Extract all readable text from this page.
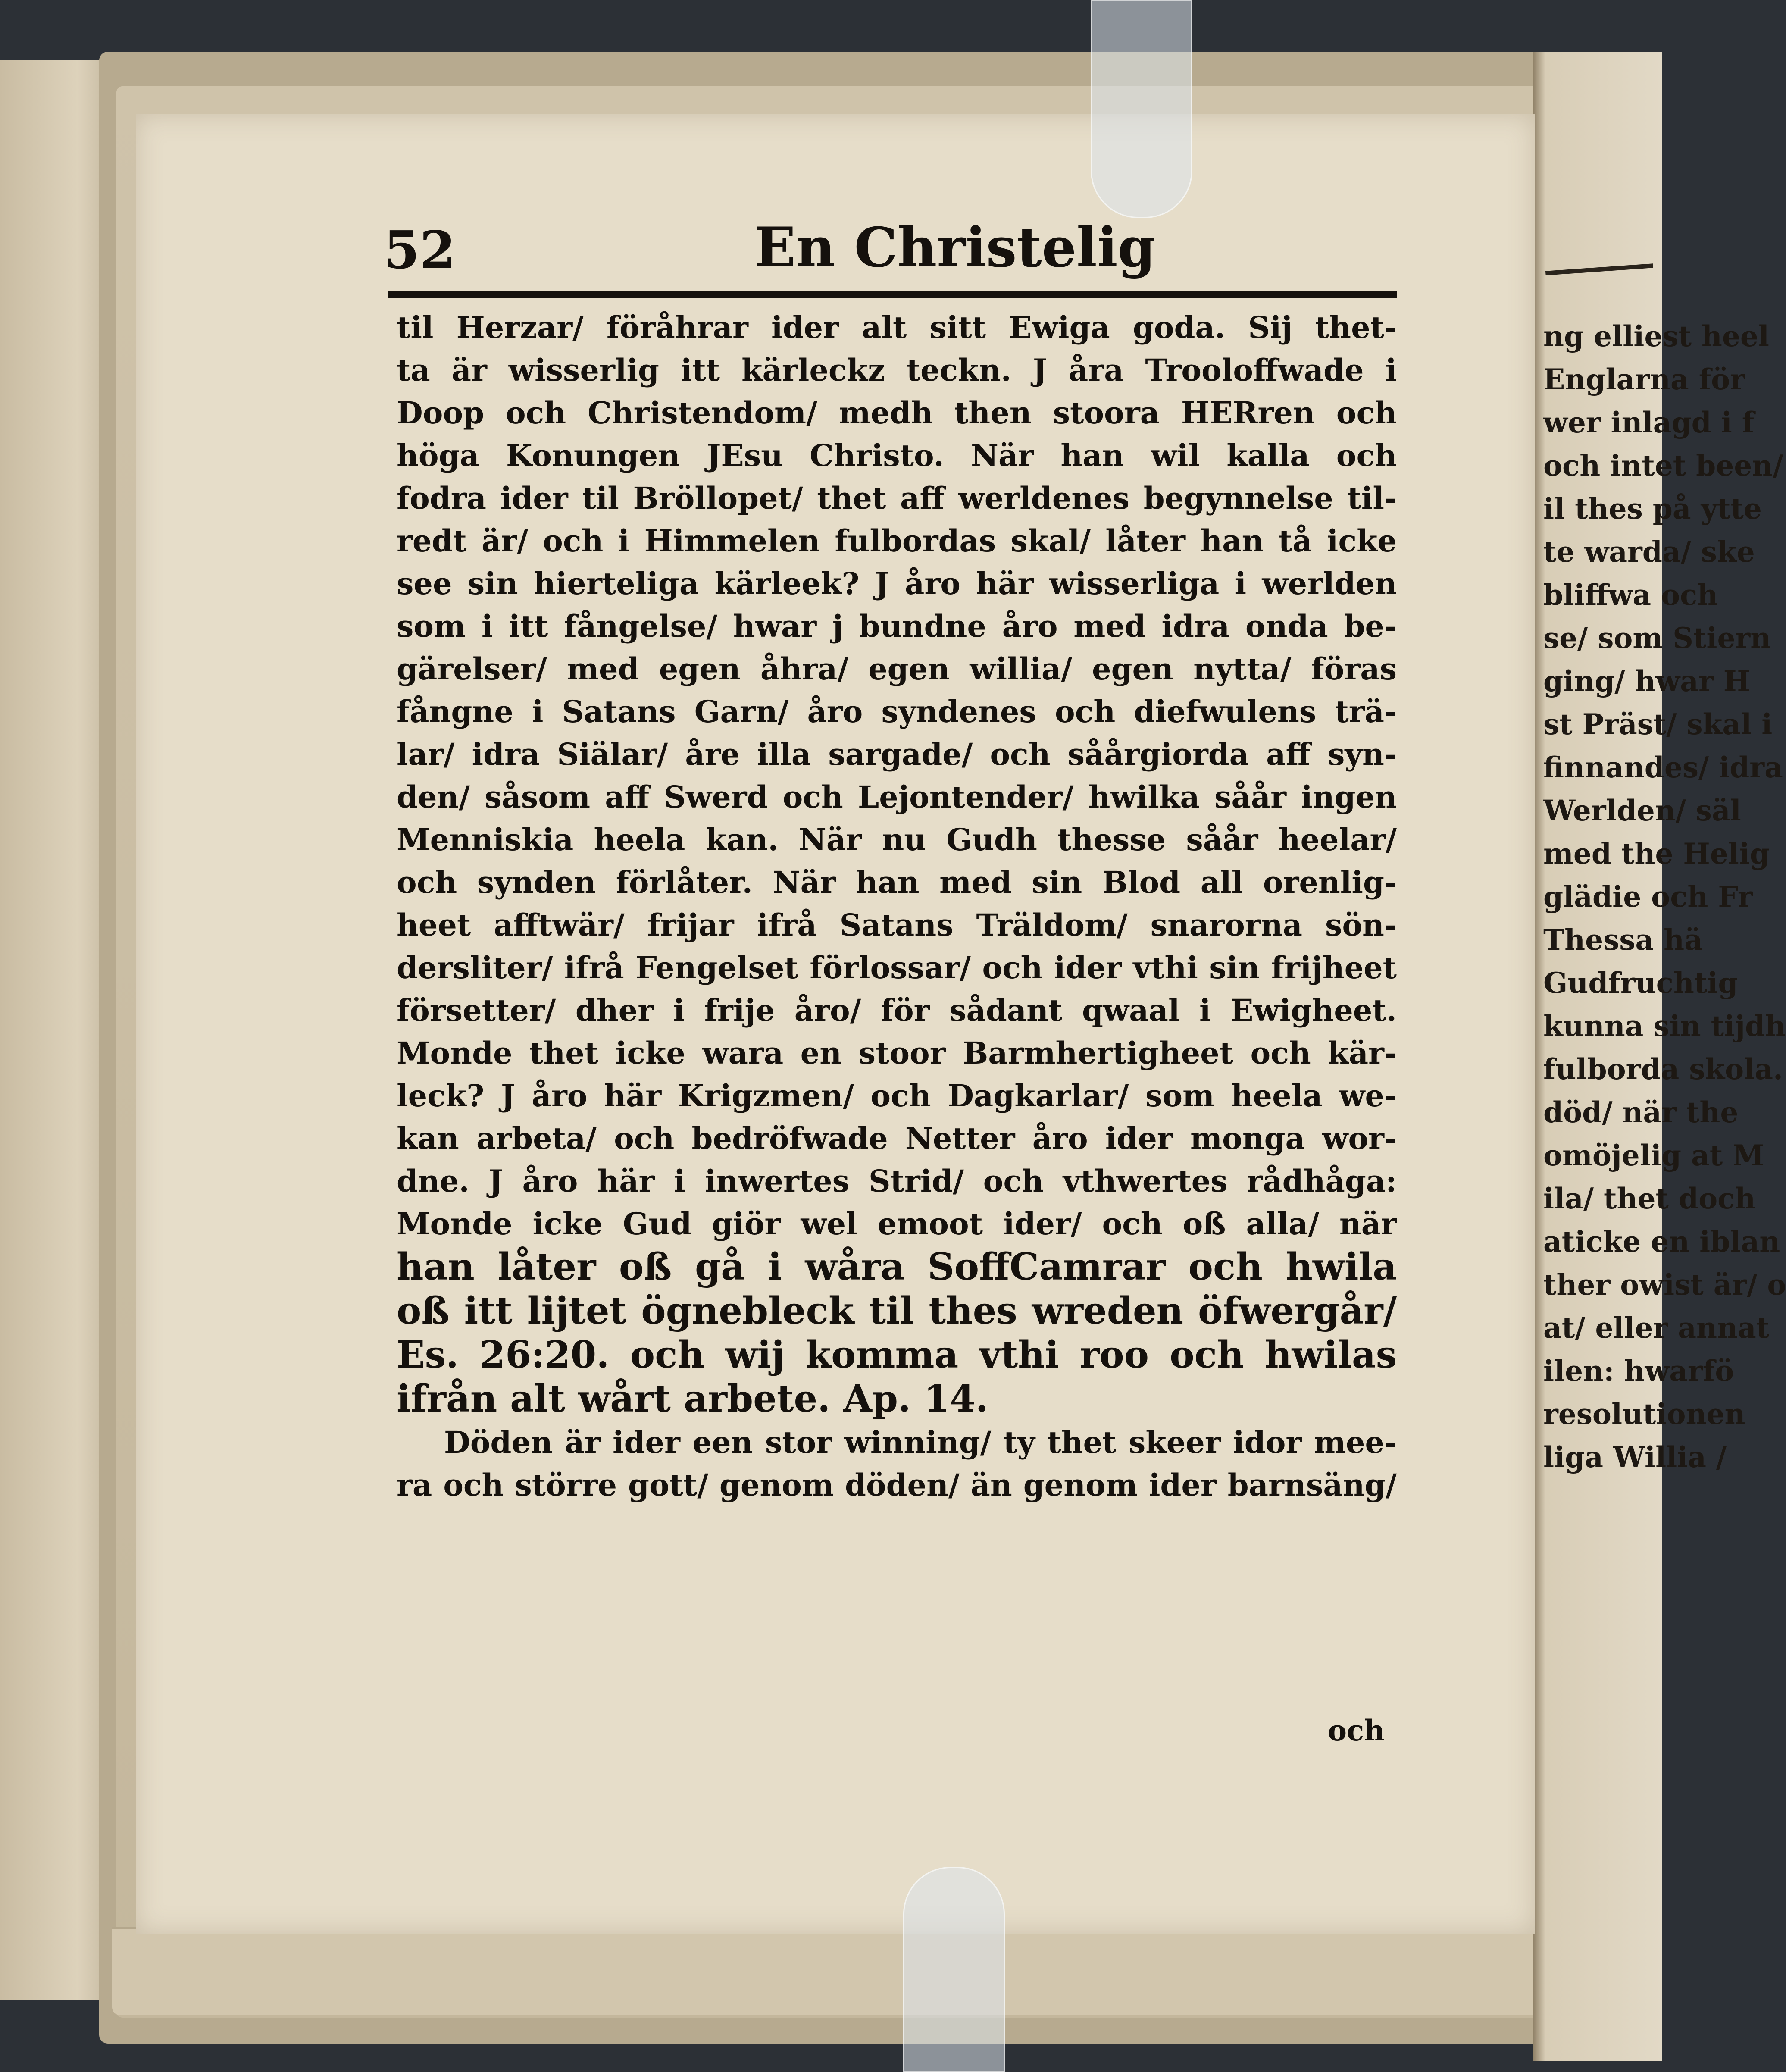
ng elliest heel
Englarna för
wer inlagd i f
och intet been/
il thes på ytte
te warda/ ske
bliffwa och
se/ som Stiern
ging/ hwar H
st Präst/ skal i
finnandes/ idra
Werlden/ säl
med the Helig
glädie och Fr
Thessa hä
Gudfruchtig
kunna sin tijdh
fulborda skola.
död/ när the
omöjelig at M
ila/ thet doch
aticke en iblan
ther owist är/ o
at/ eller annat
ilen: hwarfö
resolutionen
liga Willia /
52	En Christelig
til Herzar/ föråhrar ider alt sitt Ewiga goda. Sij thet-
ta är wisserlig itt kärleckz teckn. J åra Trooloffwade i
Doop och Christendom/ medh then stoora HERren och
höga Konungen JEsu Christo. När han wil kalla och
fodra ider til Bröllopet/ thet aff werldenes begynnelse til-
redt är/ och i Himmelen fulbordas skal/ låter han tå icke
see sin hierteliga kärleek? J åro här wisserliga i werlden
som i itt fångelse/ hwar j bundne åro med idra onda be-
gärelser/ med egen åhra/ egen willia/ egen nytta/ föras
fångne i Satans Garn/ åro syndenes och diefwulens trä-
lar/ idra Siälar/ åre illa sargade/ och såårgiorda aff syn-
den/ såsom aff Swerd och Lejontender/ hwilka såår ingen
Menniskia heela kan. När nu Gudh thesse såår heelar/
och synden förlåter. När han med sin Blod all orenlig-
heet afftwär/ frijar ifrå Satans Träldom/ snarorna sön-
dersliter/ ifrå Fengelset förlossar/ och ider vthi sin frijheet
försetter/ dher i frije åro/ för sådant qwaal i Ewigheet.
Monde thet icke wara en stoor Barmhertigheet och kär-
leck? J åro här Krigzmen/ och Dagkarlar/ som heela we-
kan arbeta/ och bedröfwade Netter åro ider monga wor-
dne. J åro här i inwertes Strid/ och vthwertes rådhåga:
Monde icke Gud giör wel emoot ider/ och oß alla/ när
han låter oß gå i wåra SoffCamrar och hwila
oß itt lijtet ögnebleck til thes wreden öfwergår/
Es. 26:20. och wij komma vthi roo och hwilas
ifrån alt wårt arbete. Ap. 14.
Döden är ider een stor winning/ ty thet skeer idor mee-
ra och större gott/ genom döden/ än genom ider barnsäng/
och
